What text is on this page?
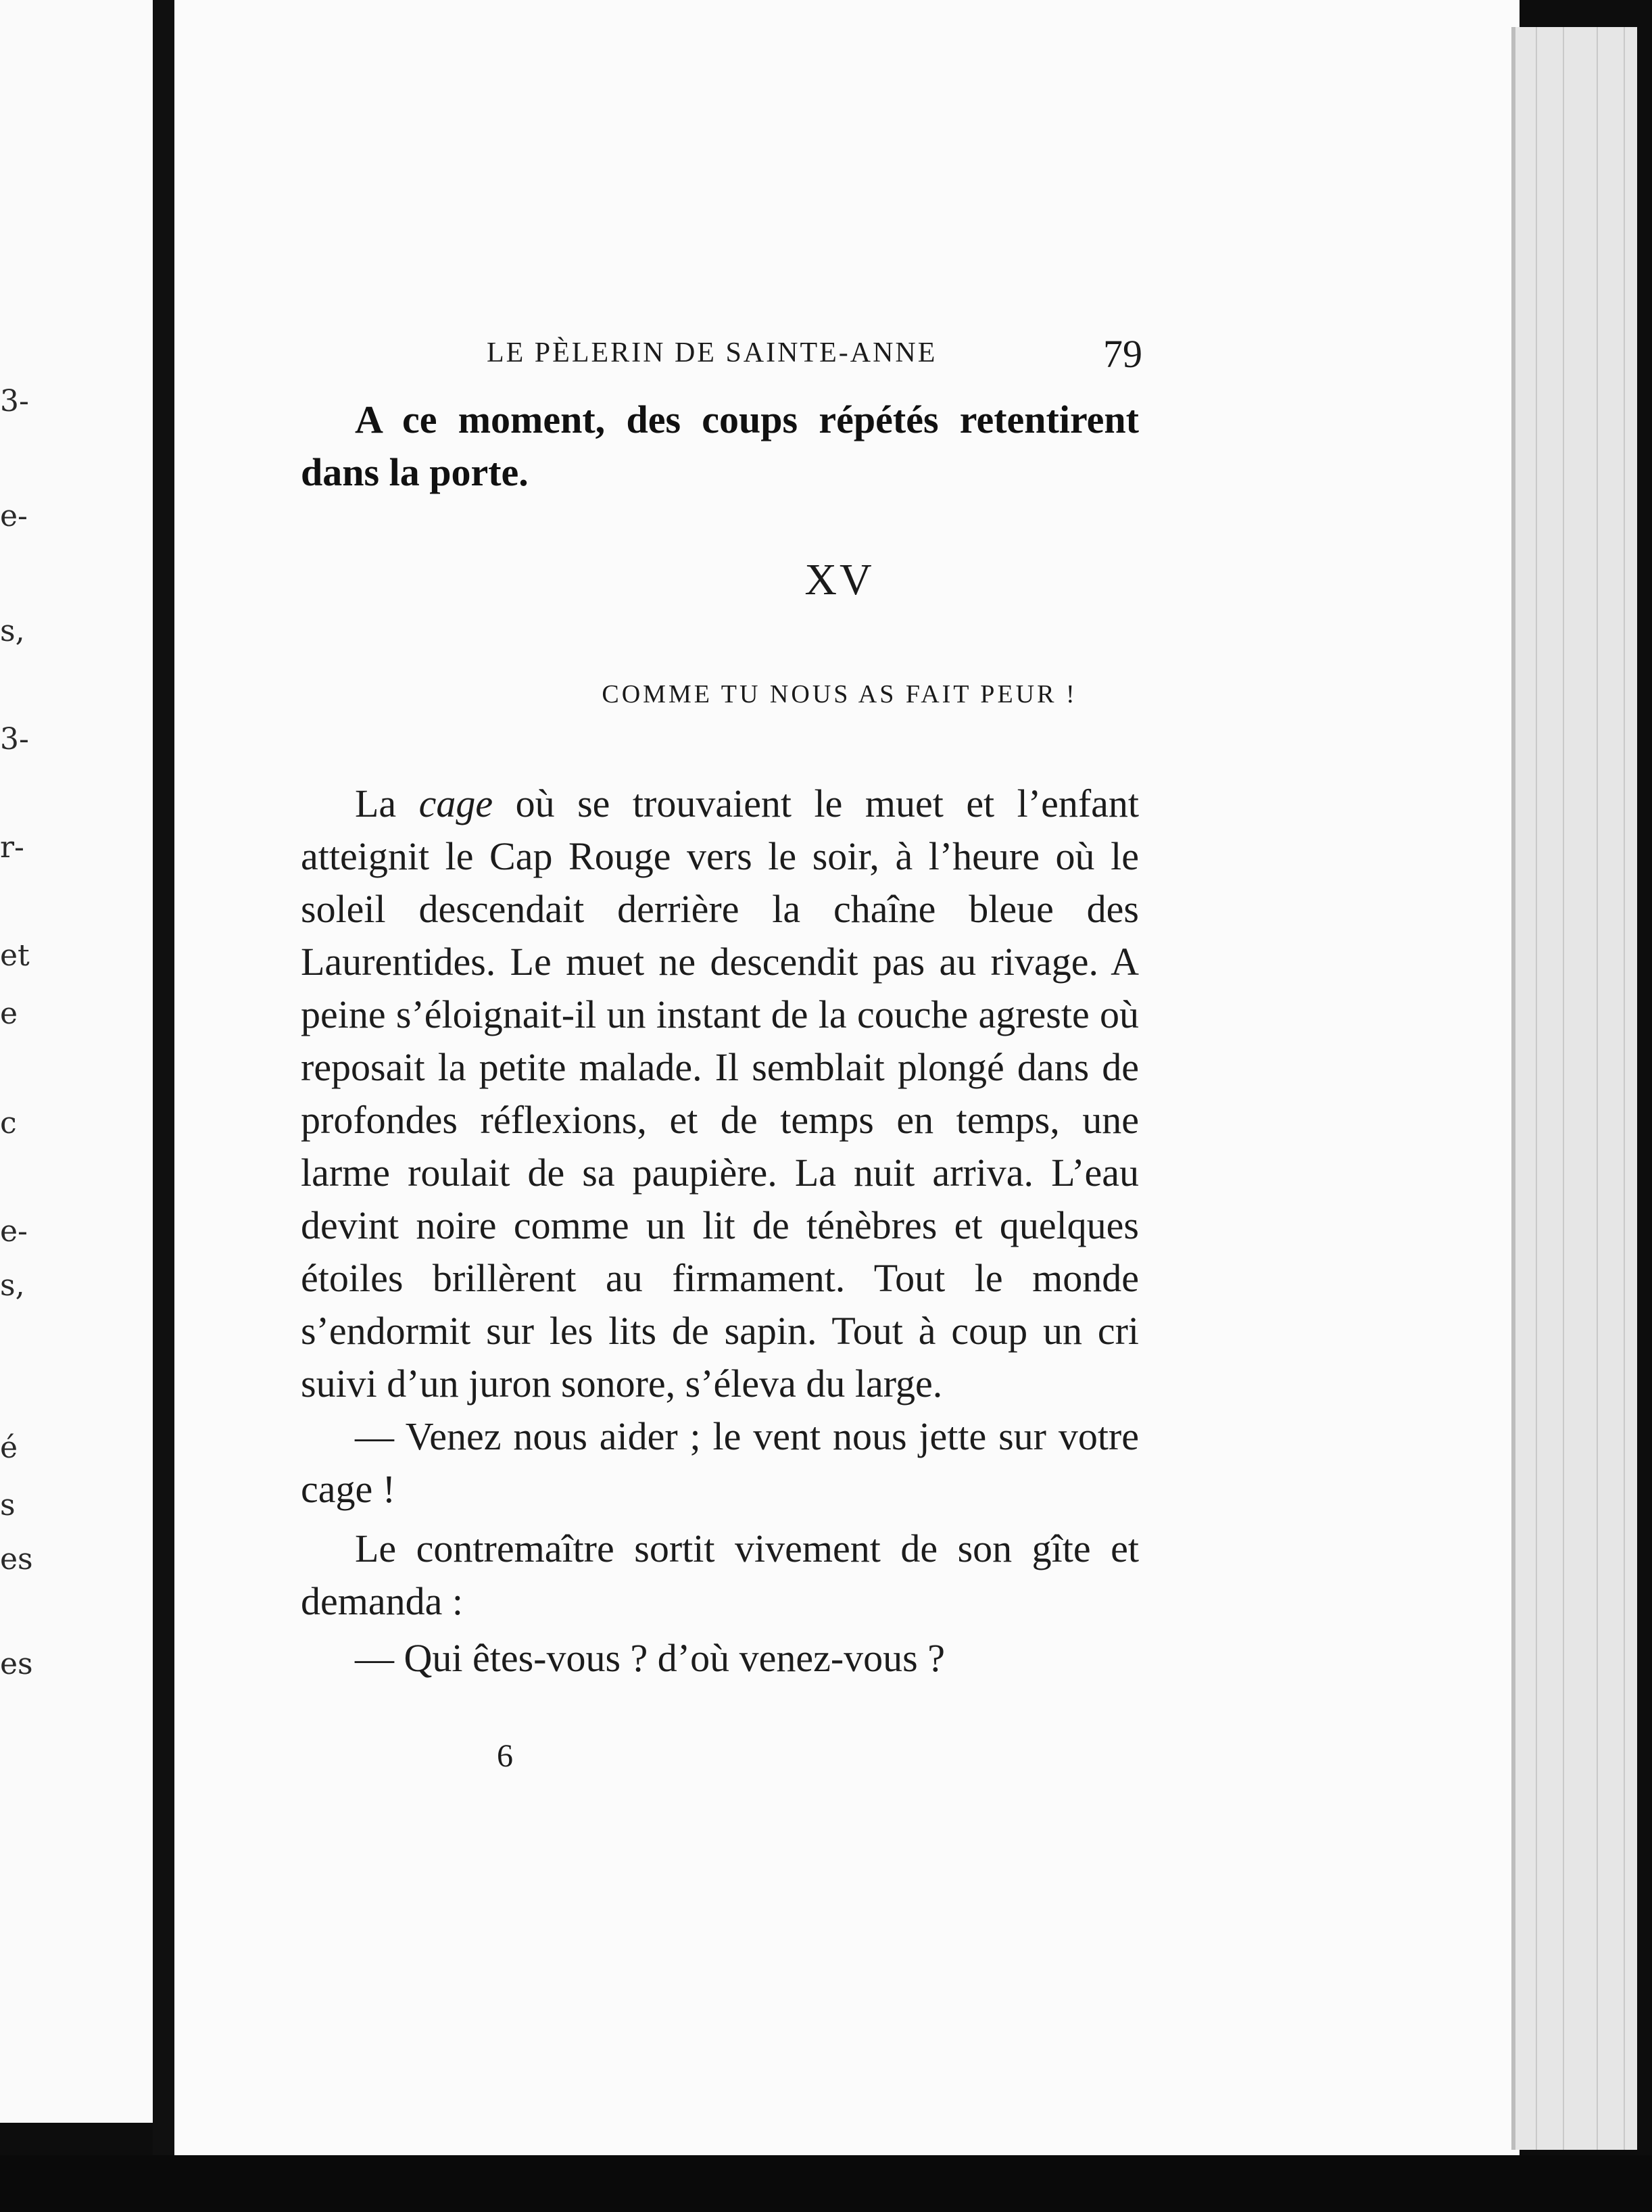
3-
e-
s,
3-
r-
et
e
c
e-
s,
é
s
es
es
LE PÈLERIN DE SAINTE-ANNE	79

A ce moment, des coups répétés retentirent dans la porte.

XV
COMME TU NOUS AS FAIT PEUR !

La cage où se trouvaient le muet et l’enfant atteignit le Cap Rouge vers le soir, à l’heure où le soleil descendait derrière la chaîne bleue des Laurentides. Le muet ne descendit pas au rivage. A peine s’éloignait-il un instant de la couche agreste où reposait la petite malade. Il semblait plongé dans de profondes réflexions, et de temps en temps, une larme roulait de sa paupière. La nuit arriva. L’eau devint noire comme un lit de ténèbres et quelques étoiles brillèrent au firmament. Tout le monde s’endormit sur les lits de sapin. Tout à coup un cri suivi d’un juron sonore, s’éleva du large.

— Venez nous aider ; le vent nous jette sur votre cage !

Le contremaître sortit vivement de son gîte et demanda :

— Qui êtes-vous ? d’où venez-vous ?

6
